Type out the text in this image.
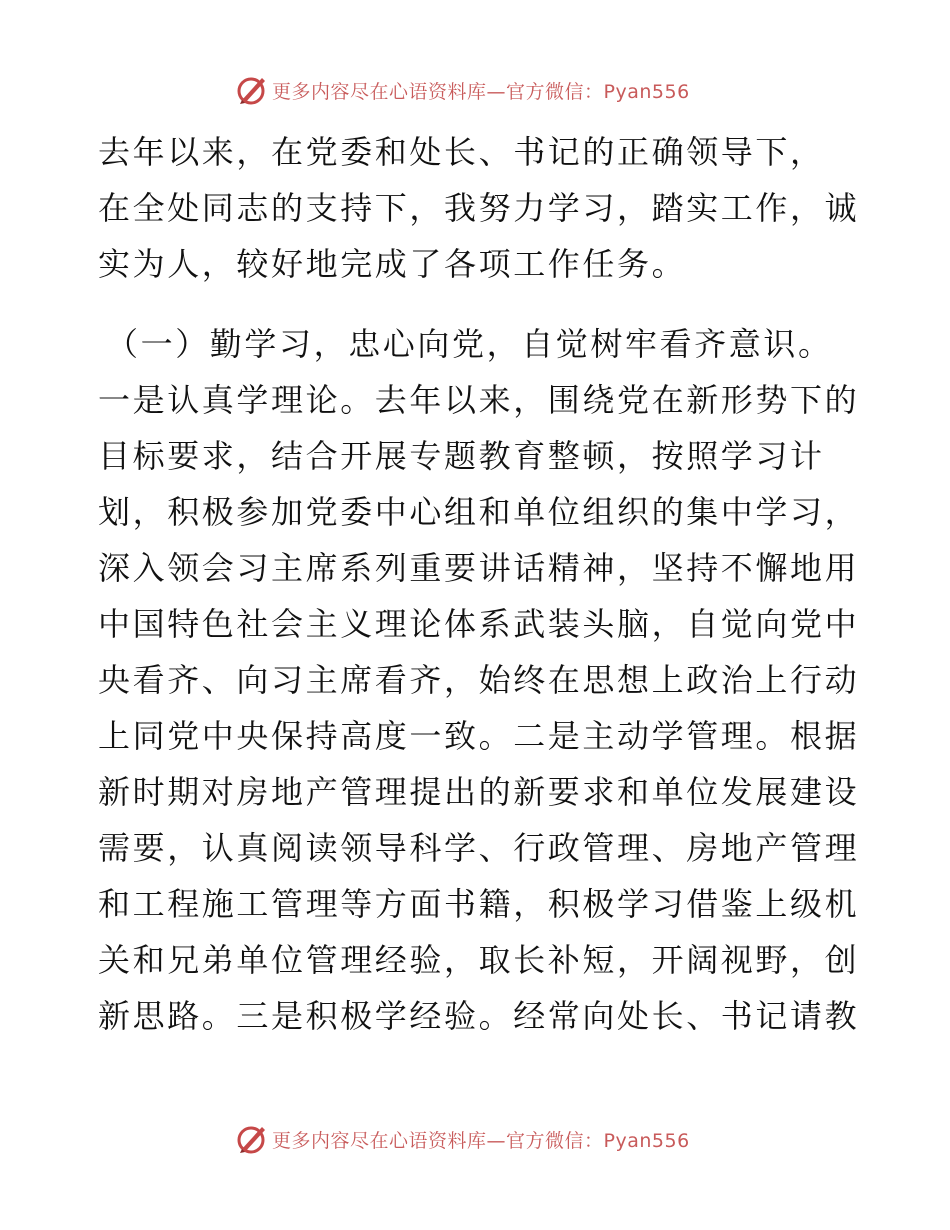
更多内容尽在心语资料库—官方微信：Pyan556
去年以来，在党委和处长、书记的正确领导下，
在全处同志的支持下，我努力学习，踏实工作，诚
实为人，较好地完成了各项工作任务。
（一）勤学习，忠心向党，自觉树牢看齐意识。
一是认真学理论。去年以来，围绕党在新形势下的
目标要求，结合开展专题教育整顿，按照学习计
划，积极参加党委中心组和单位组织的集中学习，
深入领会习主席系列重要讲话精神，坚持不懈地用
中国特色社会主义理论体系武装头脑，自觉向党中
央看齐、向习主席看齐，始终在思想上政治上行动
上同党中央保持高度一致。二是主动学管理。根据
新时期对房地产管理提出的新要求和单位发展建设
需要，认真阅读领导科学、行政管理、房地产管理
和工程施工管理等方面书籍，积极学习借鉴上级机
关和兄弟单位管理经验，取长补短，开阔视野，创
新思路。三是积极学经验。经常向处长、书记请教
更多内容尽在心语资料库—官方微信：Pyan556
